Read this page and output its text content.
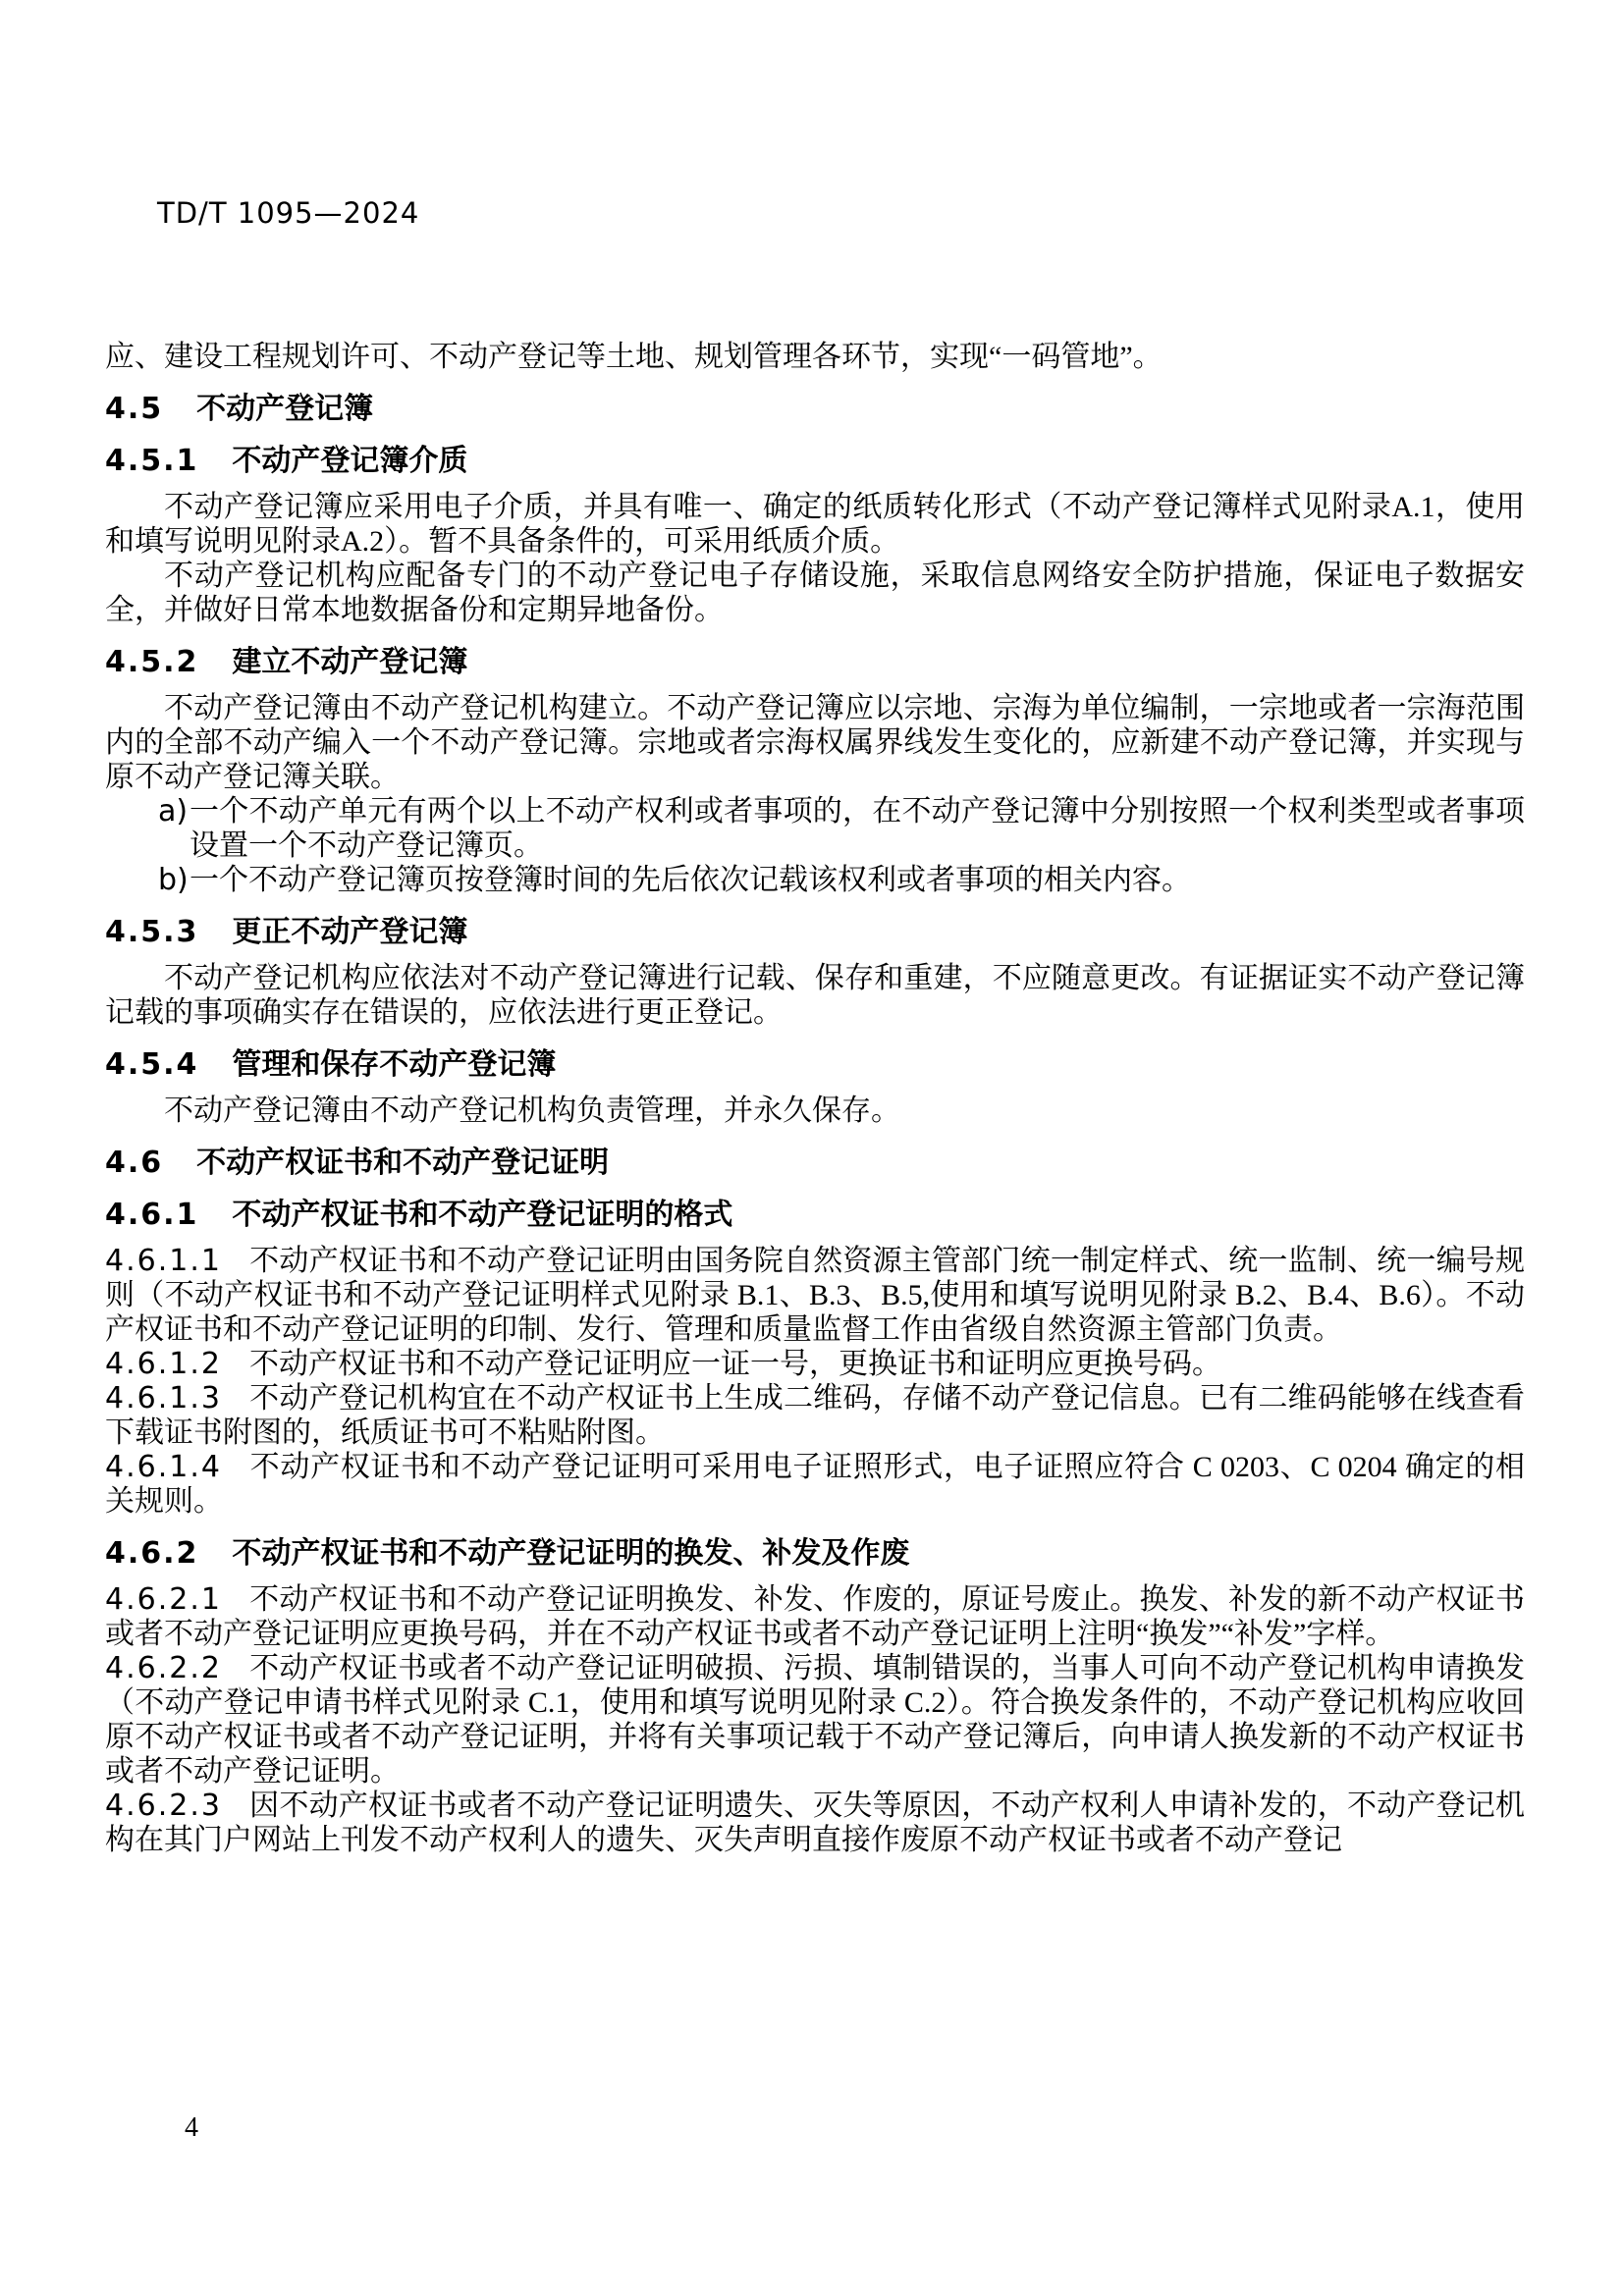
TD/T 1095—2024

应、建设工程规划许可、不动产登记等土地、规划管理各环节，实现“一码管地”。

4.5 不动产登记簿
4.5.1 不动产登记簿介质

不动产登记簿应采用电子介质，并具有唯一、确定的纸质转化形式（不动产登记簿样式见附录A.1，使用和填写说明见附录A.2）。暂不具备条件的，可采用纸质介质。

不动产登记机构应配备专门的不动产登记电子存储设施，采取信息网络安全防护措施，保证电子数据安全，并做好日常本地数据备份和定期异地备份。

4.5.2 建立不动产登记簿

不动产登记簿由不动产登记机构建立。不动产登记簿应以宗地、宗海为单位编制，一宗地或者一宗海范围内的全部不动产编入一个不动产登记簿。宗地或者宗海权属界线发生变化的，应新建不动产登记簿，并实现与原不动产登记簿关联。

a) 一个不动产单元有两个以上不动产权利或者事项的，在不动产登记簿中分别按照一个权利类型或者事项设置一个不动产登记簿页。
b) 一个不动产登记簿页按登簿时间的先后依次记载该权利或者事项的相关内容。
4.5.3 更正不动产登记簿

不动产登记机构应依法对不动产登记簿进行记载、保存和重建，不应随意更改。有证据证实不动产登记簿记载的事项确实存在错误的，应依法进行更正登记。

4.5.4 管理和保存不动产登记簿

不动产登记簿由不动产登记机构负责管理，并永久保存。

4.6 不动产权证书和不动产登记证明
4.6.1 不动产权证书和不动产登记证明的格式

4.6.1.1 不动产权证书和不动产登记证明由国务院自然资源主管部门统一制定样式、统一监制、统一编号规则（不动产权证书和不动产登记证明样式见附录 B.1、B.3、B.5,使用和填写说明见附录 B.2、B.4、B.6）。不动产权证书和不动产登记证明的印制、发行、管理和质量监督工作由省级自然资源主管部门负责。

4.6.1.2 不动产权证书和不动产登记证明应一证一号，更换证书和证明应更换号码。

4.6.1.3 不动产登记机构宜在不动产权证书上生成二维码，存储不动产登记信息。已有二维码能够在线查看下载证书附图的，纸质证书可不粘贴附图。

4.6.1.4 不动产权证书和不动产登记证明可采用电子证照形式，电子证照应符合 C 0203、C 0204 确定的相关规则。

4.6.2 不动产权证书和不动产登记证明的换发、补发及作废

4.6.2.1 不动产权证书和不动产登记证明换发、补发、作废的，原证号废止。换发、补发的新不动产权证书或者不动产登记证明应更换号码，并在不动产权证书或者不动产登记证明上注明“换发”“补发”字样。

4.6.2.2 不动产权证书或者不动产登记证明破损、污损、填制错误的，当事人可向不动产登记机构申请换发（不动产登记申请书样式见附录 C.1，使用和填写说明见附录 C.2）。符合换发条件的，不动产登记机构应收回原不动产权证书或者不动产登记证明，并将有关事项记载于不动产登记簿后，向申请人换发新的不动产权证书或者不动产登记证明。

4.6.2.3 因不动产权证书或者不动产登记证明遗失、灭失等原因，不动产权利人申请补发的，不动产登记机构在其门户网站上刊发不动产权利人的遗失、灭失声明直接作废原不动产权证书或者不动产登记

4
